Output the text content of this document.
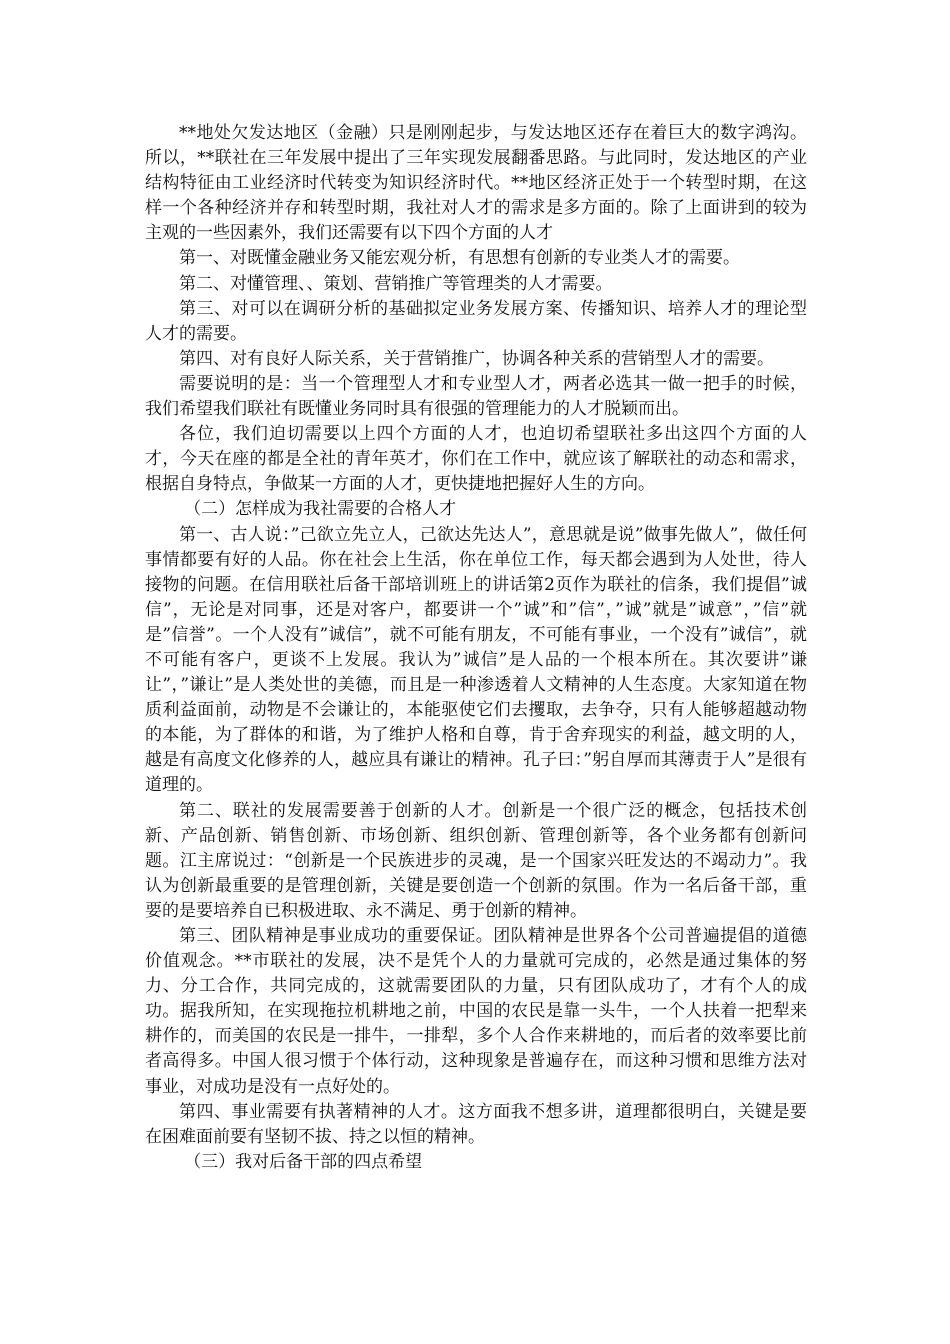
**地处欠发达地区（金融）只是刚刚起步，与发达地区还存在着巨大的数字鸿沟。所以，**联社在三年发展中提出了三年实现发展翻番思路。与此同时，发达地区的产业结构特征由工业经济时代转变为知识经济时代。**地区经济正处于一个转型时期，在这样一个各种经济并存和转型时期，我社对人才的需求是多方面的。除了上面讲到的较为主观的一些因素外，我们还需要有以下四个方面的人才

第一、对既懂金融业务又能宏观分析，有思想有创新的专业类人才的需要。

第二、对懂管理、、策划、营销推广等管理类的人才需要。

第三、对可以在调研分析的基础拟定业务发展方案、传播知识、培养人才的理论型人才的需要。

第四、对有良好人际关系，关于营销推广，协调各种关系的营销型人才的需要。

需要说明的是：当一个管理型人才和专业型人才，两者必选其一做一把手的时候，我们希望我们联社有既懂业务同时具有很强的管理能力的人才脱颖而出。

各位，我们迫切需要以上四个方面的人才，也迫切希望联社多出这四个方面的人才，今天在座的都是全社的青年英才，你们在工作中，就应该了解联社的动态和需求，根据自身特点，争做某一方面的人才，更快捷地把握好人生的方向。

（二）怎样成为我社需要的合格人才

第一、古人说：”己欲立先立人，己欲达先达人”，意思就是说”做事先做人”，做任何事情都要有好的人品。你在社会上生活，你在单位工作，每天都会遇到为人处世，待人接物的问题。在信用联社后备干部培训班上的讲话第2页作为联社的信条，我们提倡”诚信”，无论是对同事，还是对客户，都要讲一个”诚”和”信”，”诚”就是”诚意”，”信”就是”信誉”。一个人没有”诚信”，就不可能有朋友，不可能有事业，一个没有”诚信”，就不可能有客户，更谈不上发展。我认为”诚信”是人品的一个根本所在。其次要讲”谦让”，”谦让”是人类处世的美德，而且是一种渗透着人文精神的人生态度。大家知道在物质利益面前，动物是不会谦让的，本能驱使它们去攫取，去争夺，只有人能够超越动物的本能，为了群体的和谐，为了维护人格和自尊，肯于舍弃现实的利益，越文明的人，越是有高度文化修养的人，越应具有谦让的精神。孔子曰：”躬自厚而其薄责于人”是很有道理的。

第二、联社的发展需要善于创新的人才。创新是一个很广泛的概念，包括技术创新、产品创新、销售创新、市场创新、组织创新、管理创新等，各个业务都有创新问题。江主席说过：“创新是一个民族进步的灵魂，是一个国家兴旺发达的不竭动力”。我认为创新最重要的是管理创新，关键是要创造一个创新的氛围。作为一名后备干部，重要的是要培养自已积极进取、永不满足、勇于创新的精神。

第三、团队精神是事业成功的重要保证。团队精神是世界各个公司普遍提倡的道德价值观念。**市联社的发展，决不是凭个人的力量就可完成的，必然是通过集体的努力、分工合作，共同完成的，这就需要团队的力量，只有团队成功了，才有个人的成功。据我所知，在实现拖拉机耕地之前，中国的农民是靠一头牛，一个人扶着一把犁来耕作的，而美国的农民是一排牛，一排犁，多个人合作来耕地的，而后者的效率要比前者高得多。中国人很习惯于个体行动，这种现象是普遍存在，而这种习惯和思维方法对事业，对成功是没有一点好处的。

第四、事业需要有执著精神的人才。这方面我不想多讲，道理都很明白，关键是要在困难面前要有坚韧不拔、持之以恒的精神。

（三）我对后备干部的四点希望
